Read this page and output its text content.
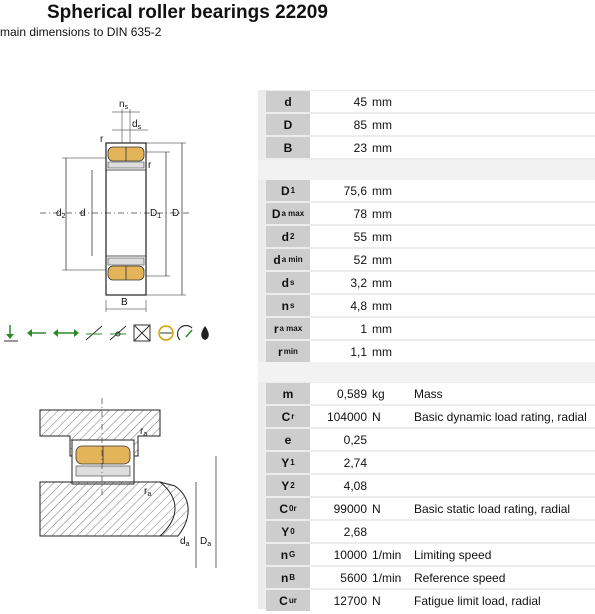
Spherical roller bearings 22209
main dimensions to DIN 635-2
$n_s$
$d_s$
r
r
$d_2$ d	$D_1$ D
B
$r_a$
$r_a$
$d_a$ $D_a$
d	45 mm
D	85 mm
B	23 mm
D 1	75,6 mm
D a max	78 mm
d 2	55 mm
d a min	52 mm
d s	3,2 mm
n s	4,8 mm
r a max	1 mm
r min	1,1 mm
m	0,589 kg Mass
C r	104000 N	Basic dynamic load rating, radial
e	0,25
Y 1	2,74
Y 2	4,08
C 0r	99000 N	Basic static load rating, radial
Y 0	2,68
n G	10000 1/min Limiting speed
n B	5600 1/min Reference speed
C ur	12700 N	Fatigue limit load, radial
